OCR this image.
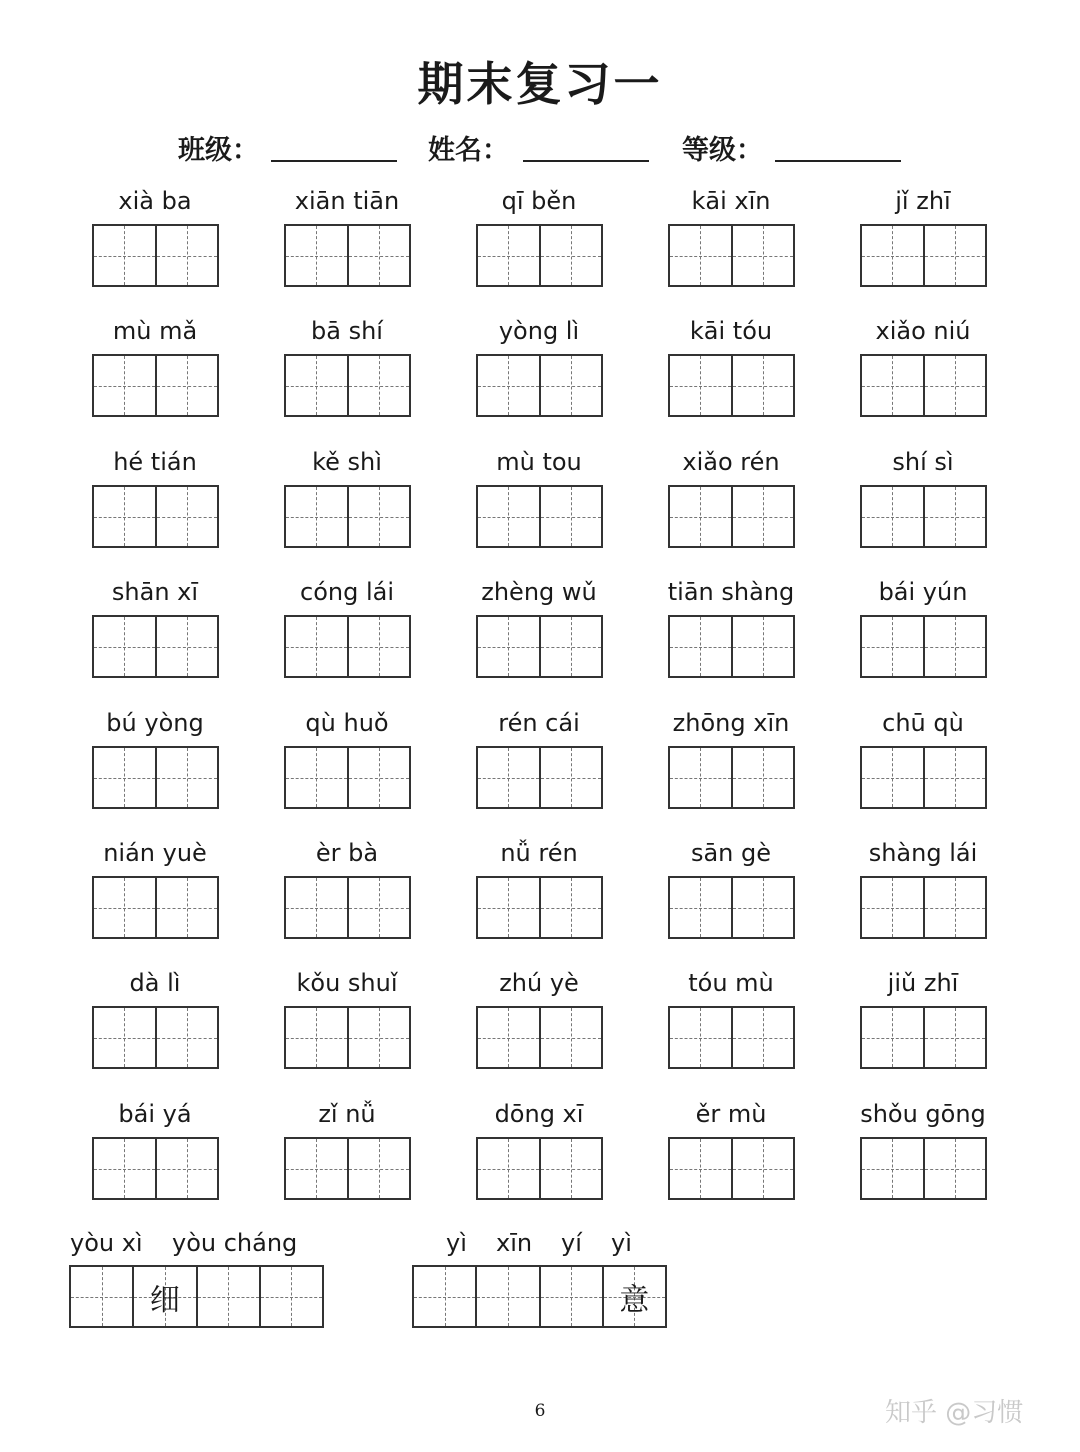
期末复习一
班级：	姓名：	等级：
xià ba	xiān tiān	qī běn	kāi xīn	jǐ zhī
mù mǎ	bā shí	yòng lì	kāi tóu	xiǎo niú
hé tián	kě shì	mù tou	xiǎo rén	shí sì
shān xī	cóng lái	zhèng wǔ	tiān shàng	bái yún
bú yòng	qù huǒ	rén cái	zhōng xīn	chū qù
nián yuè	èr bà	nǚ rén	sān gè	shàng lái
dà lì	kǒu shuǐ	zhú yè	tóu mù	jiǔ zhī
bái yá	zǐ nǚ	dōng xī	ěr mù	shǒu gōng
yòu xì yòu cháng
细
yì xīn yí yì
意
6	知乎 @习惯
